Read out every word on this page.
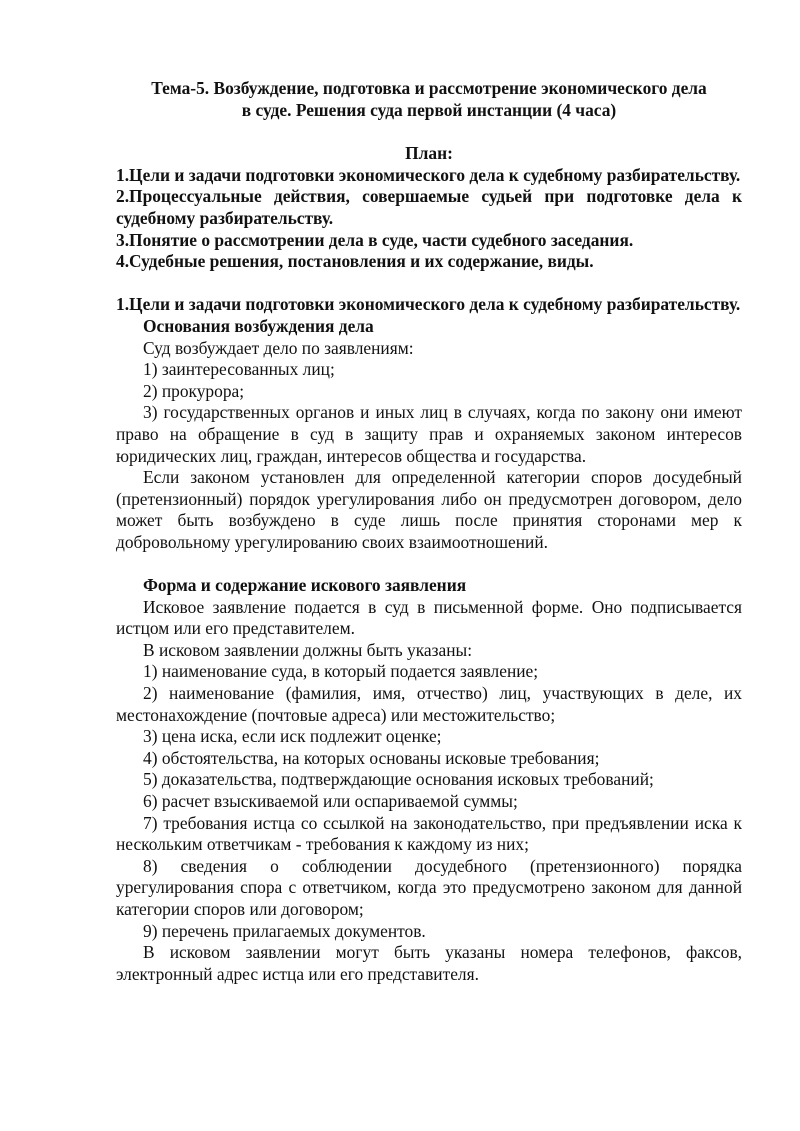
Тема-5. Возбуждение, подготовка и рассмотрение экономического дела

в суде. Решения суда первой инстанции (4 часа)

План:

1.Цели и задачи подготовки экономического дела к судебному разбирательству.

2.Процессуальные действия, совершаемые судьей при подготовке дела к судебному разбирательству.

3.Понятие о рассмотрении дела в суде, части судебного заседания.

4.Судебные решения, постановления и их содержание, виды.

1.Цели и задачи подготовки экономического дела к судебному разбирательству.

Основания возбуждения дела

Суд возбуждает дело по заявлениям:

1) заинтересованных лиц;

2) прокурора;

3) государственных органов и иных лиц в случаях, когда по закону они имеют право на обращение в суд в защиту прав и охраняемых законом интересов юридических лиц, граждан, интересов общества и государства.

Если законом установлен для определенной категории споров досудебный (претензионный) порядок урегулирования либо он предусмотрен договором, дело может быть возбуждено в суде лишь после принятия сторонами мер к добровольному урегулированию своих взаимоотношений.

Форма и содержание искового заявления

Исковое заявление подается в суд в письменной форме. Оно подписывается истцом или его представителем.

В исковом заявлении должны быть указаны:

1) наименование суда, в который подается заявление;

2) наименование (фамилия, имя, отчество) лиц, участвующих в деле, их местонахождение (почтовые адреса) или местожительство;

3) цена иска, если иск подлежит оценке;

4) обстоятельства, на которых основаны исковые требования;

5) доказательства, подтверждающие основания исковых требований;

6) расчет взыскиваемой или оспариваемой суммы;

7) требования истца со ссылкой на законодательство, при предъявлении иска к нескольким ответчикам - требования к каждому из них;

8) сведения о соблюдении досудебного (претензионного) порядка урегулирования спора с ответчиком, когда это предусмотрено законом для данной категории споров или договором;

9) перечень прилагаемых документов.

В исковом заявлении могут быть указаны номера телефонов, факсов, электронный адрес истца или его представителя.
